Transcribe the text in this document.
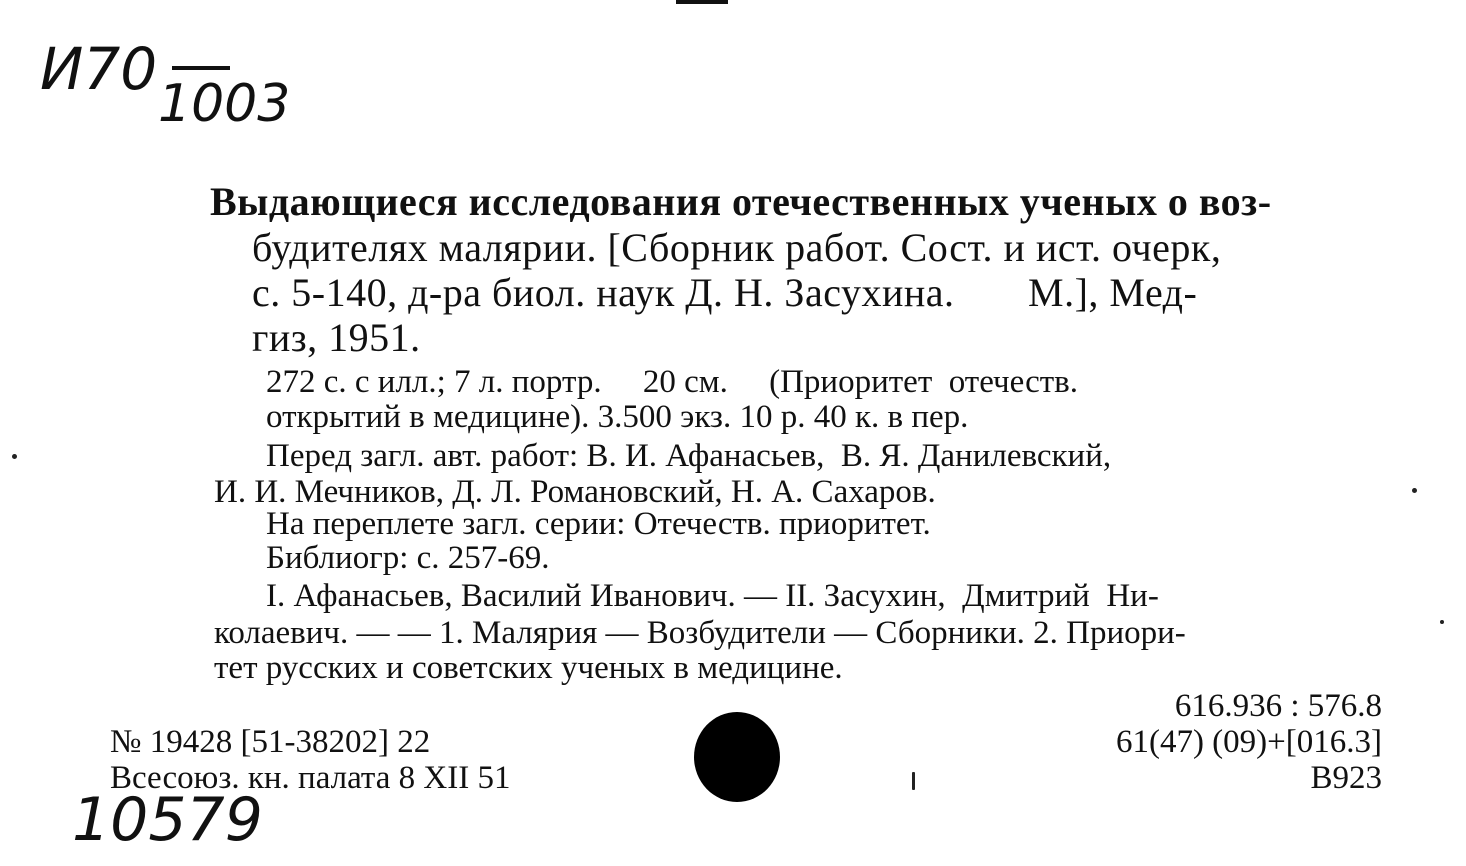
И70
1003
Выдающиеся исследования отечественных ученых о воз-
будителях малярии. [Сборник работ. Сост. и ист. очерк,
с. 5-140, д-ра биол. наук Д. Н. Засухина.       М.], Мед-
гиз, 1951.
272 с. с илл.; 7 л. портр.     20 см.     (Приоритет  отечеств.
открытий в медицине). 3.500 экз. 10 р. 40 к. в пер.
Перед загл. авт. работ: В. И. Афанасьев,  В. Я. Данилевский,
И. И. Мечников, Д. Л. Романовский, Н. А. Сахаров.
На переплете загл. серии: Отечеств. приоритет.
Библиогр: с. 257-69.
I. Афанасьев, Василий Иванович. — II. Засухин,  Дмитрий  Ни-
колаевич. — — 1. Малярия — Возбудители — Сборники. 2. Приори-
тет русских и советских ученых в медицине.
№ 19428 [51-38202] 22
Всесоюз. кн. палата 8 XII 51
616.936 : 576.8
61(47) (09)+[016.3]
В923
10579
